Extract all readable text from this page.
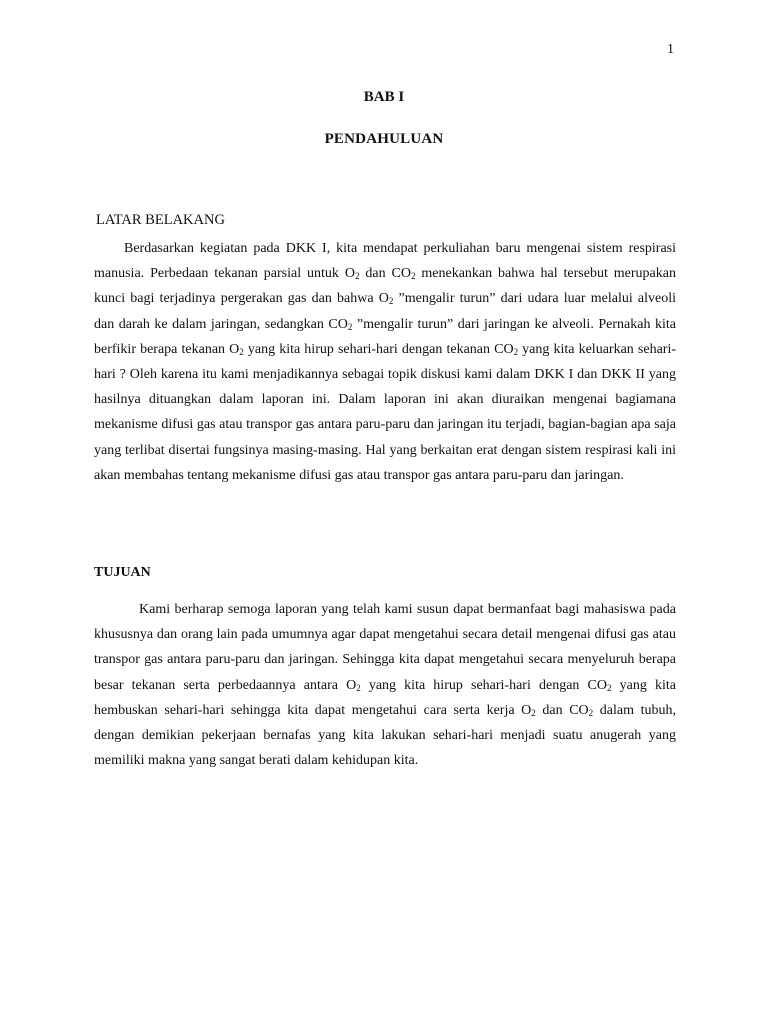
1
BAB I
PENDAHULUAN
LATAR BELAKANG

Berdasarkan kegiatan pada DKK I, kita mendapat perkuliahan baru mengenai sistem respirasi manusia. Perbedaan tekanan parsial untuk $O_2$ dan $CO_2$ menekankan bahwa hal tersebut merupakan kunci bagi terjadinya pergerakan gas dan bahwa $O_2$ ”mengalir turun” dari udara luar melalui alveoli dan darah ke dalam jaringan, sedangkan $CO_2$ ”mengalir turun” dari jaringan ke alveoli. Pernakah kita berfikir berapa tekanan $O_2$ yang kita hirup sehari-hari dengan tekanan $CO_2$ yang kita keluarkan sehari-hari ? Oleh karena itu kami menjadikannya sebagai topik diskusi kami dalam DKK I dan DKK II yang hasilnya dituangkan dalam laporan ini. Dalam laporan ini akan diuraikan mengenai bagiamana mekanisme difusi gas atau transpor gas antara paru-paru dan jaringan itu terjadi, bagian-bagian apa saja yang terlibat disertai fungsinya masing-masing. Hal yang berkaitan erat dengan sistem respirasi kali ini akan membahas tentang mekanisme difusi gas atau transpor gas antara paru-paru dan jaringan.

TUJUAN

Kami berharap semoga laporan yang telah kami susun dapat bermanfaat bagi mahasiswa pada khususnya dan orang lain pada umumnya agar dapat mengetahui secara detail mengenai difusi gas atau transpor gas antara paru-paru dan jaringan. Sehingga kita dapat mengetahui secara menyeluruh berapa besar tekanan serta perbedaannya antara $O_2$ yang kita hirup sehari-hari dengan $CO_2$ yang kita hembuskan sehari-hari sehingga kita dapat mengetahui cara serta kerja $O_2$ dan $CO_2$ dalam tubuh, dengan demikian pekerjaan bernafas yang kita lakukan sehari-hari menjadi suatu anugerah yang memiliki makna yang sangat berati dalam kehidupan kita.
